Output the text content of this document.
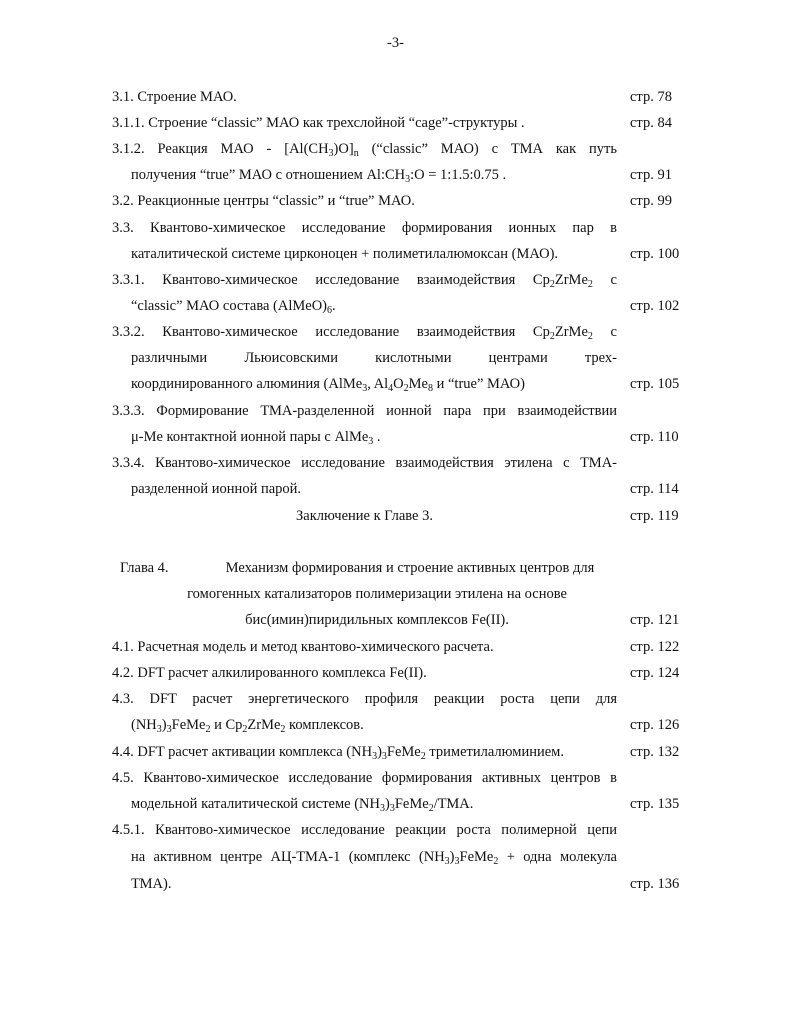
-3-
3.1. Строение МАО.	стр. 78
3.1.1. Строение “classic” МАО как трехслойной “cage”-структуры .	стр. 84
3.1.2. Реакция МАО - $[Al(CH_3)O]_n$ (“classic” МАО) с ТМА как путь
получения “true” МАО с отношением $Al:CH_3:O$ = 1:1.5:0.75 .	стр. 91
3.2. Реакционные центры “classic” и “true” МАО.	стр. 99
3.3. Квантово-химическое исследование формирования ионных пар в
каталитической системе цирконоцен + полиметилалюмоксан (МАО).	стр. 100
3.3.1. Квантово-химическое исследование взаимодействия $Cp_2ZrMe_2$ с
“classic” МАО состава $(AlMeO)_6$.	стр. 102
3.3.2. Квантово-химическое исследование взаимодействия $Cp_2ZrMe_2$ с
различными Льюисовскими кислотными центрами трех-
координированного алюминия (AlMe$_3$, $Al_4O_2Me_8$ и “true” МАО)	стр. 105
3.3.3. Формирование ТМА-разделенной ионной пара при взаимодействии
μ-Me контактной ионной пары с AlMe$_3$ .	стр. 110
3.3.4. Квантово-химическое исследование взаимодействия этилена с ТМА-
разделенной ионной парой.	стр. 114
Заключение к Главе 3.	стр. 119
Глава 4.	Механизм формирования и строение активных центров для
гомогенных катализаторов полимеризации этилена на основе
бис(имин)пиридильных комплексов Fe(II).	стр. 121
4.1. Расчетная модель и метод квантово-химического расчета.	стр. 122
4.2. DFT расчет алкилированного комплекса Fe(II).	стр. 124
4.3. DFT расчет энергетического профиля реакции роста цепи для
$(NH_3)_3FeMe_2$ и $Cp_2ZrMe_2$ комплексов.	стр. 126
4.4. DFT расчет активации комплекса $(NH_3)_3FeMe_2$ триметилалюминием.	стр. 132
4.5. Квантово-химическое исследование формирования активных центров в
модельной каталитической системе $(NH_3)_3FeMe_2$/ТМА.	стр. 135
4.5.1. Квантово-химическое исследование реакции роста полимерной цепи
на активном центре АЦ-ТМА-1 (комплекс $(NH_3)_3FeMe_2$ + одна молекула
ТМА).	стр. 136
